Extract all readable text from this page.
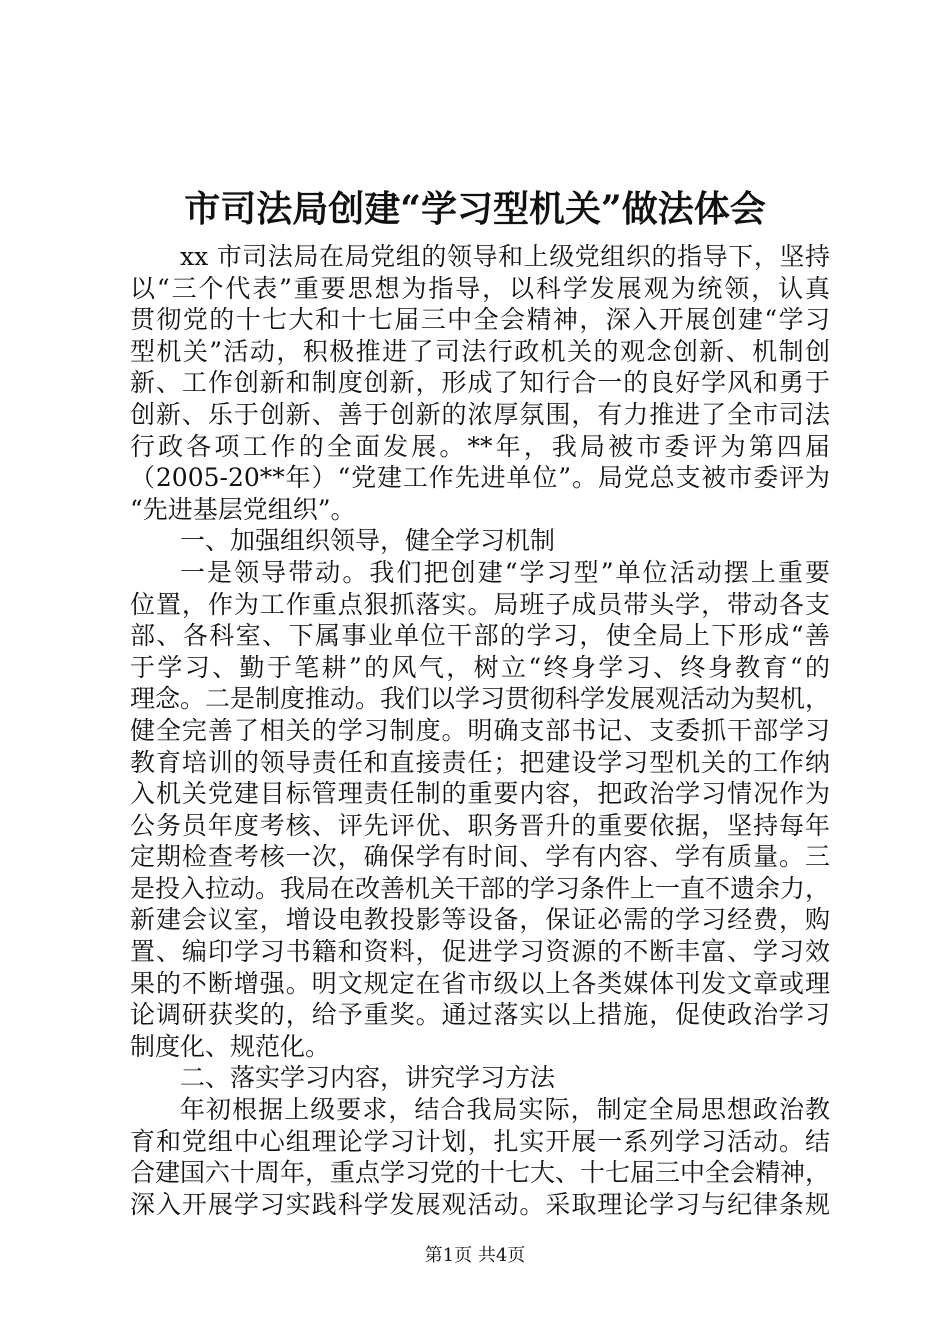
市司法局创建“学习型机关”做法体会
xx 市司法局在局党组的领导和上级党组织的指导下，坚持
以“三个代表”重要思想为指导，以科学发展观为统领，认真
贯彻党的十七大和十七届三中全会精神，深入开展创建“学习
型机关”活动，积极推进了司法行政机关的观念创新、机制创
新、工作创新和制度创新，形成了知行合一的良好学风和勇于
创新、乐于创新、善于创新的浓厚氛围，有力推进了全市司法
行政各项工作的全面发展。**年，我局被市委评为第四届
（2005-20**年）“党建工作先进单位”。局党总支被市委评为
“先进基层党组织”。
一、加强组织领导，健全学习机制
一是领导带动。我们把创建“学习型”单位活动摆上重要
位置，作为工作重点狠抓落实。局班子成员带头学，带动各支
部、各科室、下属事业单位干部的学习，使全局上下形成“善
于学习、勤于笔耕”的风气，树立“终身学习、终身教育“的
理念。二是制度推动。我们以学习贯彻科学发展观活动为契机，
健全完善了相关的学习制度。明确支部书记、支委抓干部学习
教育培训的领导责任和直接责任；把建设学习型机关的工作纳
入机关党建目标管理责任制的重要内容，把政治学习情况作为
公务员年度考核、评先评优、职务晋升的重要依据，坚持每年
定期检查考核一次，确保学有时间、学有内容、学有质量。三
是投入拉动。我局在改善机关干部的学习条件上一直不遗余力，
新建会议室，增设电教投影等设备，保证必需的学习经费，购
置、编印学习书籍和资料，促进学习资源的不断丰富、学习效
果的不断增强。明文规定在省市级以上各类媒体刊发文章或理
论调研获奖的，给予重奖。通过落实以上措施，促使政治学习
制度化、规范化。
二、落实学习内容，讲究学习方法
年初根据上级要求，结合我局实际，制定全局思想政治教
育和党组中心组理论学习计划，扎实开展一系列学习活动。结
合建国六十周年，重点学习党的十七大、十七届三中全会精神，
深入开展学习实践科学发展观活动。采取理论学习与纪律条规
第1页 共4页
